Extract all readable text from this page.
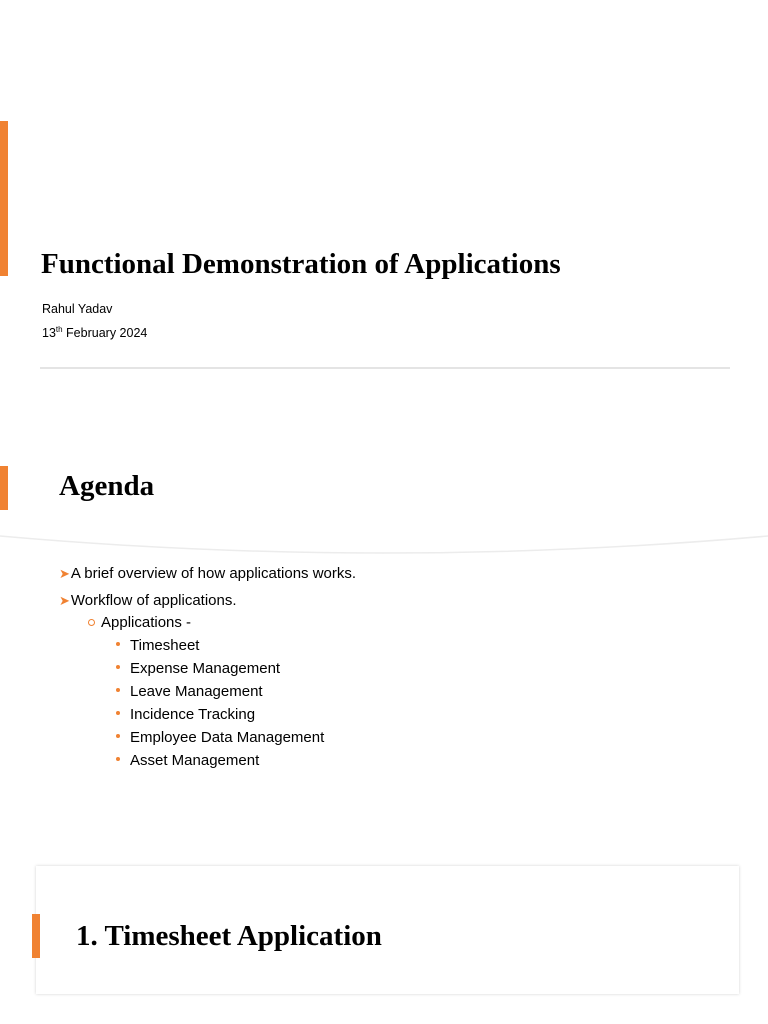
Functional Demonstration of Applications

Rahul Yadav

13th February 2024

Agenda
➤ A brief overview of how applications works.
➤ Workflow of applications.
Applications -
Timesheet
Expense Management
Leave Management
Incidence Tracking
Employee Data Management
Asset Management
1. Timesheet Application
